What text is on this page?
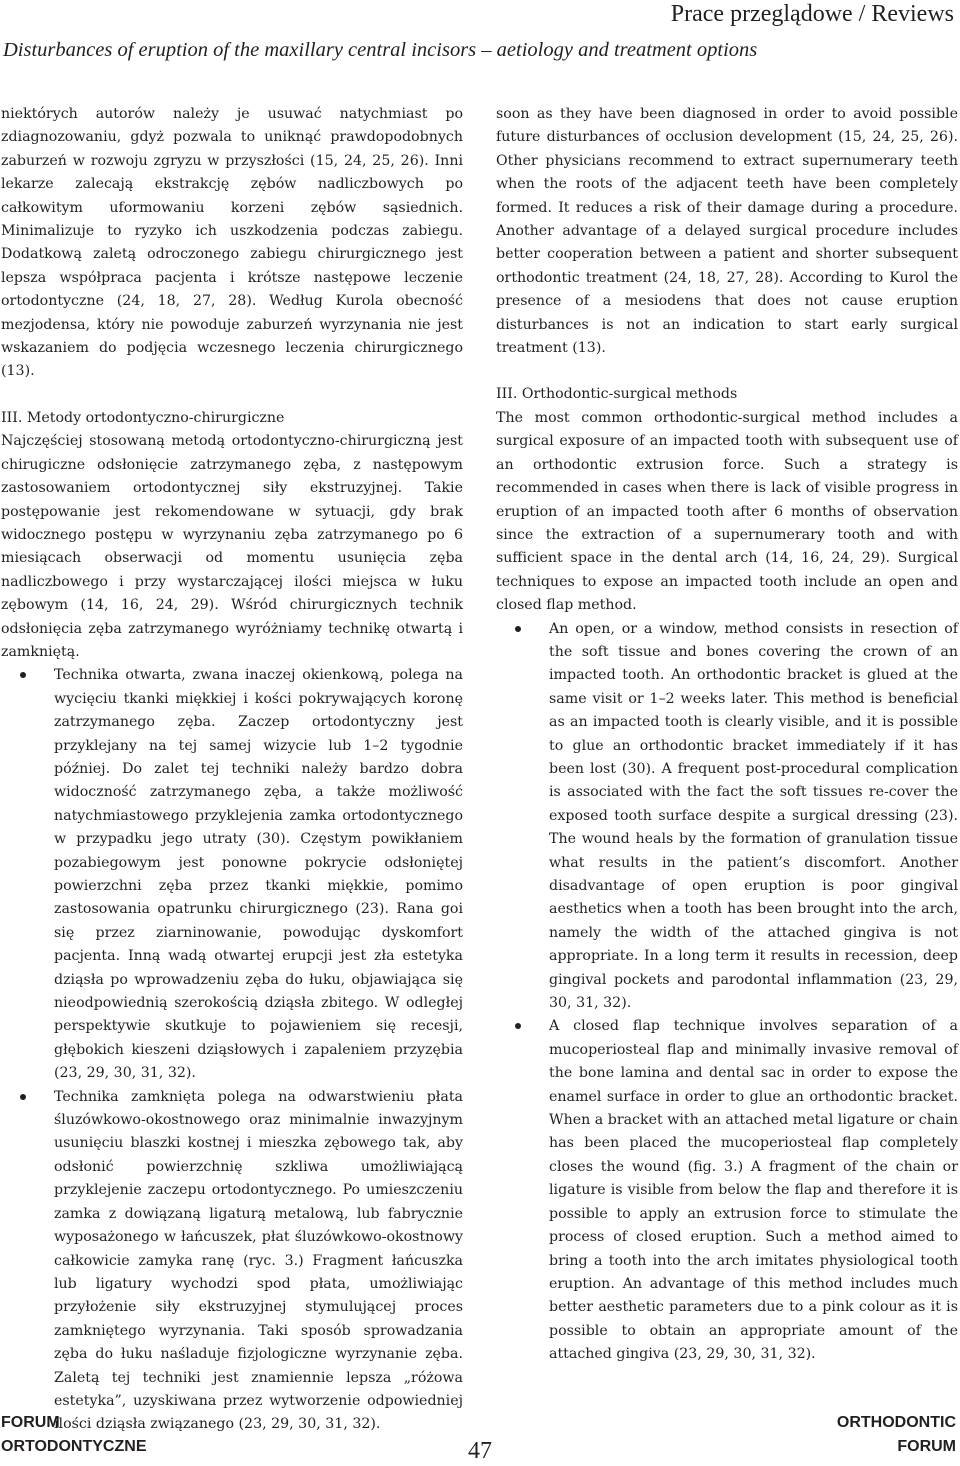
Prace przeglądowe / Reviews
Disturbances of eruption of the maxillary central incisors – aetiology and treatment options

niektórych autorów należy je usuwać natychmiast po zdiagnozowaniu, gdyż pozwala to uniknąć prawdopodobnych zaburzeń w rozwoju zgryzu w przyszłości (15, 24, 25, 26). Inni lekarze zalecają ekstrakcję zębów nadliczbowych po całkowitym uformowaniu korzeni zębów sąsiednich. Minimalizuje to ryzyko ich uszkodzenia podczas zabiegu. Dodatkową zaletą odroczonego zabiegu chirurgicznego jest lepsza współpraca pacjenta i krótsze następowe leczenie ortodontyczne (24, 18, 27, 28). Według Kurola obecność mezjodensa, który nie powoduje zaburzeń wyrzynania nie jest wskazaniem do podjęcia wczesnego leczenia chirurgicznego (13).

III. Metody ortodontyczno-chirurgiczne

Najczęściej stosowaną metodą ortodontyczno-chirurgiczną jest chirugiczne odsłonięcie zatrzymanego zęba, z następowym zastosowaniem ortodontycznej siły ekstruzyjnej. Takie postępowanie jest rekomendowane w sytuacji, gdy brak widocznego postępu w wyrzynaniu zęba zatrzymanego po 6 miesiącach obserwacji od momentu usunięcia zęba nadliczbowego i przy wystarczającej ilości miejsca w łuku zębowym (14, 16, 24, 29). Wśród chirurgicznych technik odsłonięcia zęba zatrzymanego wyróżniamy technikę otwartą i zamkniętą.

Technika otwarta, zwana inaczej okienkową, polega na wycięciu tkanki miękkiej i kości pokrywających koronę zatrzymanego zęba. Zaczep ortodontyczny jest przyklejany na tej samej wizycie lub 1–2 tygodnie później. Do zalet tej techniki należy bardzo dobra widoczność zatrzymanego zęba, a także możliwość natychmiastowego przyklejenia zamka ortodontycznego w przypadku jego utraty (30). Częstym powikłaniem pozabiegowym jest ponowne pokrycie odsłoniętej powierzchni zęba przez tkanki miękkie, pomimo zastosowania opatrunku chirurgicznego (23). Rana goi się przez ziarninowanie, powodując dyskomfort pacjenta. Inną wadą otwartej erupcji jest zła estetyka dziąsła po wprowadzeniu zęba do łuku, objawiająca się nieodpowiednią szerokością dziąsła zbitego. W odległej perspektywie skutkuje to pojawieniem się recesji, głębokich kieszeni dziąsłowych i zapaleniem przyzębia (23, 29, 30, 31, 32).
Technika zamknięta polega na odwarstwieniu płata śluzówkowo-okostnowego oraz minimalnie inwazyjnym usunięciu blaszki kostnej i mieszka zębowego tak, aby odsłonić powierzchnię szkliwa umożliwiającą przyklejenie zaczepu ortodontycznego. Po umieszczeniu zamka z dowiązaną ligaturą metalową, lub fabrycznie wyposażonego w łańcuszek, płat śluzówkowo-okostnowy całkowicie zamyka ranę (ryc. 3.) Fragment łańcuszka lub ligatury wychodzi spod płata, umożliwiając przyłożenie siły ekstruzyjnej stymulującej proces zamkniętego wyrzynania. Taki sposób sprowadzania zęba do łuku naśladuje fizjologiczne wyrzynanie zęba. Zaletą tej techniki jest znamiennie lepsza „różowa estetyka”, uzyskiwana przez wytworzenie odpowiedniej ilości dziąsła związanego (23, 29, 30, 31, 32).

soon as they have been diagnosed in order to avoid possible future disturbances of occlusion development (15, 24, 25, 26). Other physicians recommend to extract supernumerary teeth when the roots of the adjacent teeth have been completely formed. It reduces a risk of their damage during a procedure. Another advantage of a delayed surgical procedure includes better cooperation between a patient and shorter subsequent orthodontic treatment (24, 18, 27, 28). According to Kurol the presence of a mesiodens that does not cause eruption disturbances is not an indication to start early surgical treatment (13).

III. Orthodontic-surgical methods

The most common orthodontic-surgical method includes a surgical exposure of an impacted tooth with subsequent use of an orthodontic extrusion force. Such a strategy is recommended in cases when there is lack of visible progress in eruption of an impacted tooth after 6 months of observation since the extraction of a supernumerary tooth and with sufficient space in the dental arch (14, 16, 24, 29). Surgical techniques to expose an impacted tooth include an open and closed flap method.

An open, or a window, method consists in resection of the soft tissue and bones covering the crown of an impacted tooth. An orthodontic bracket is glued at the same visit or 1–2 weeks later. This method is beneficial as an impacted tooth is clearly visible, and it is possible to glue an orthodontic bracket immediately if it has been lost (30). A frequent post-procedural complication is associated with the fact the soft tissues re-cover the exposed tooth surface despite a surgical dressing (23). The wound heals by the formation of granulation tissue what results in the patient’s discomfort. Another disadvantage of open eruption is poor gingival aesthetics when a tooth has been brought into the arch, namely the width of the attached gingiva is not appropriate. In a long term it results in recession, deep gingival pockets and parodontal inflammation (23, 29, 30, 31, 32).
A closed flap technique involves separation of a mucoperiosteal flap and minimally invasive removal of the bone lamina and dental sac in order to expose the enamel surface in order to glue an orthodontic bracket. When a bracket with an attached metal ligature or chain has been placed the mucoperiosteal flap completely closes the wound (fig. 3.) A fragment of the chain or ligature is visible from below the flap and therefore it is possible to apply an extrusion force to stimulate the process of closed eruption. Such a method aimed to bring a tooth into the arch imitates physiological tooth eruption. An advantage of this method includes much better aesthetic parameters due to a pink colour as it is possible to obtain an appropriate amount of the attached gingiva (23, 29, 30, 31, 32).
FORUM
ORTODONTYCZNE	47
ORTHODONTIC
FORUM
